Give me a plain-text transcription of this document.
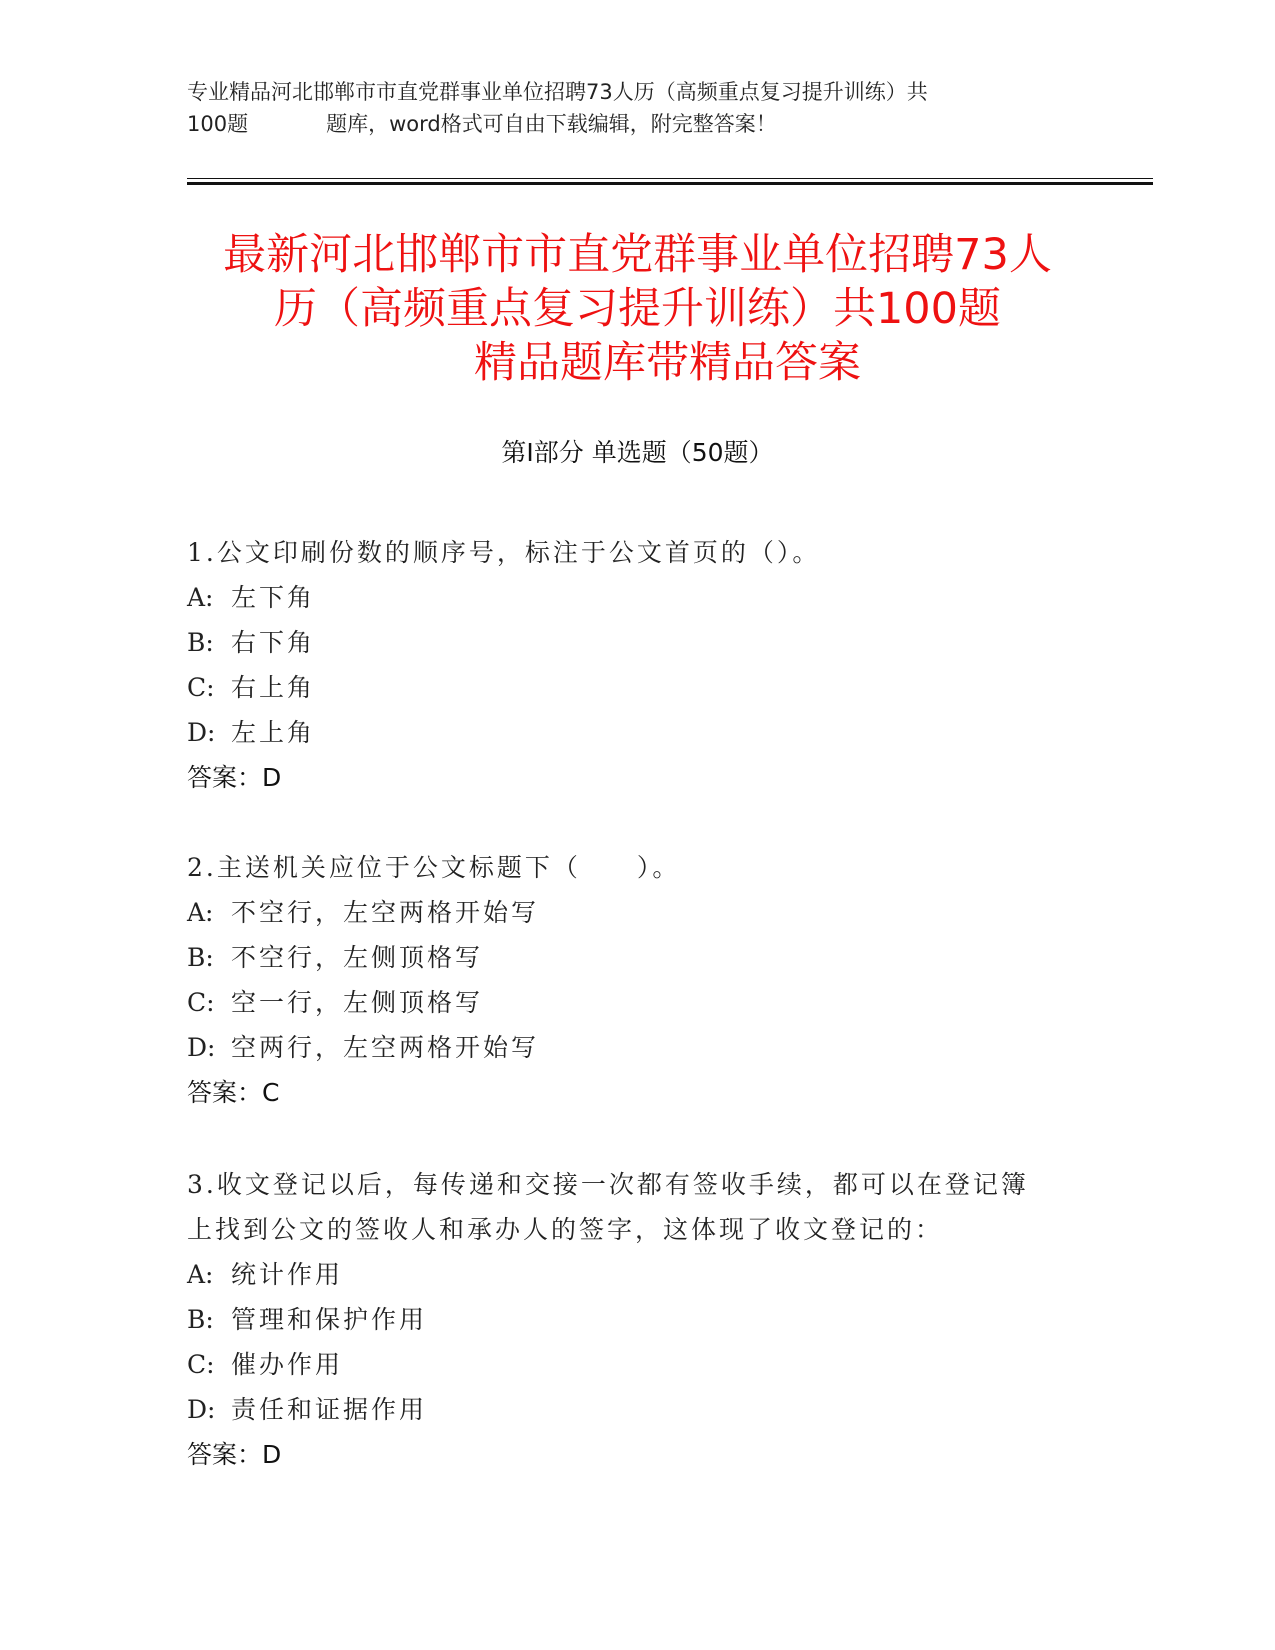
专业精品河北邯郸市市直党群事业单位招聘73人历（高频重点复习提升训练）共
100题	题库，word格式可自由下载编辑，附完整答案！
最新河北邯郸市市直党群事业单位招聘73人
历（高频重点复习提升训练）共100题
精品题库带精品答案
第I部分 单选题（50题）
1.公文印刷份数的顺序号，标注于公文首页的（）。
A: 左下角
B: 右下角
C: 右上角
D: 左上角
答案：D
2.主送机关应位于公文标题下（　　）。
A: 不空行，左空两格开始写
B: 不空行，左侧顶格写
C: 空一行，左侧顶格写
D: 空两行，左空两格开始写
答案：C
3.收文登记以后，每传递和交接一次都有签收手续，都可以在登记簿
上找到公文的签收人和承办人的签字，这体现了收文登记的：
A: 统计作用
B: 管理和保护作用
C: 催办作用
D: 责任和证据作用
答案：D
